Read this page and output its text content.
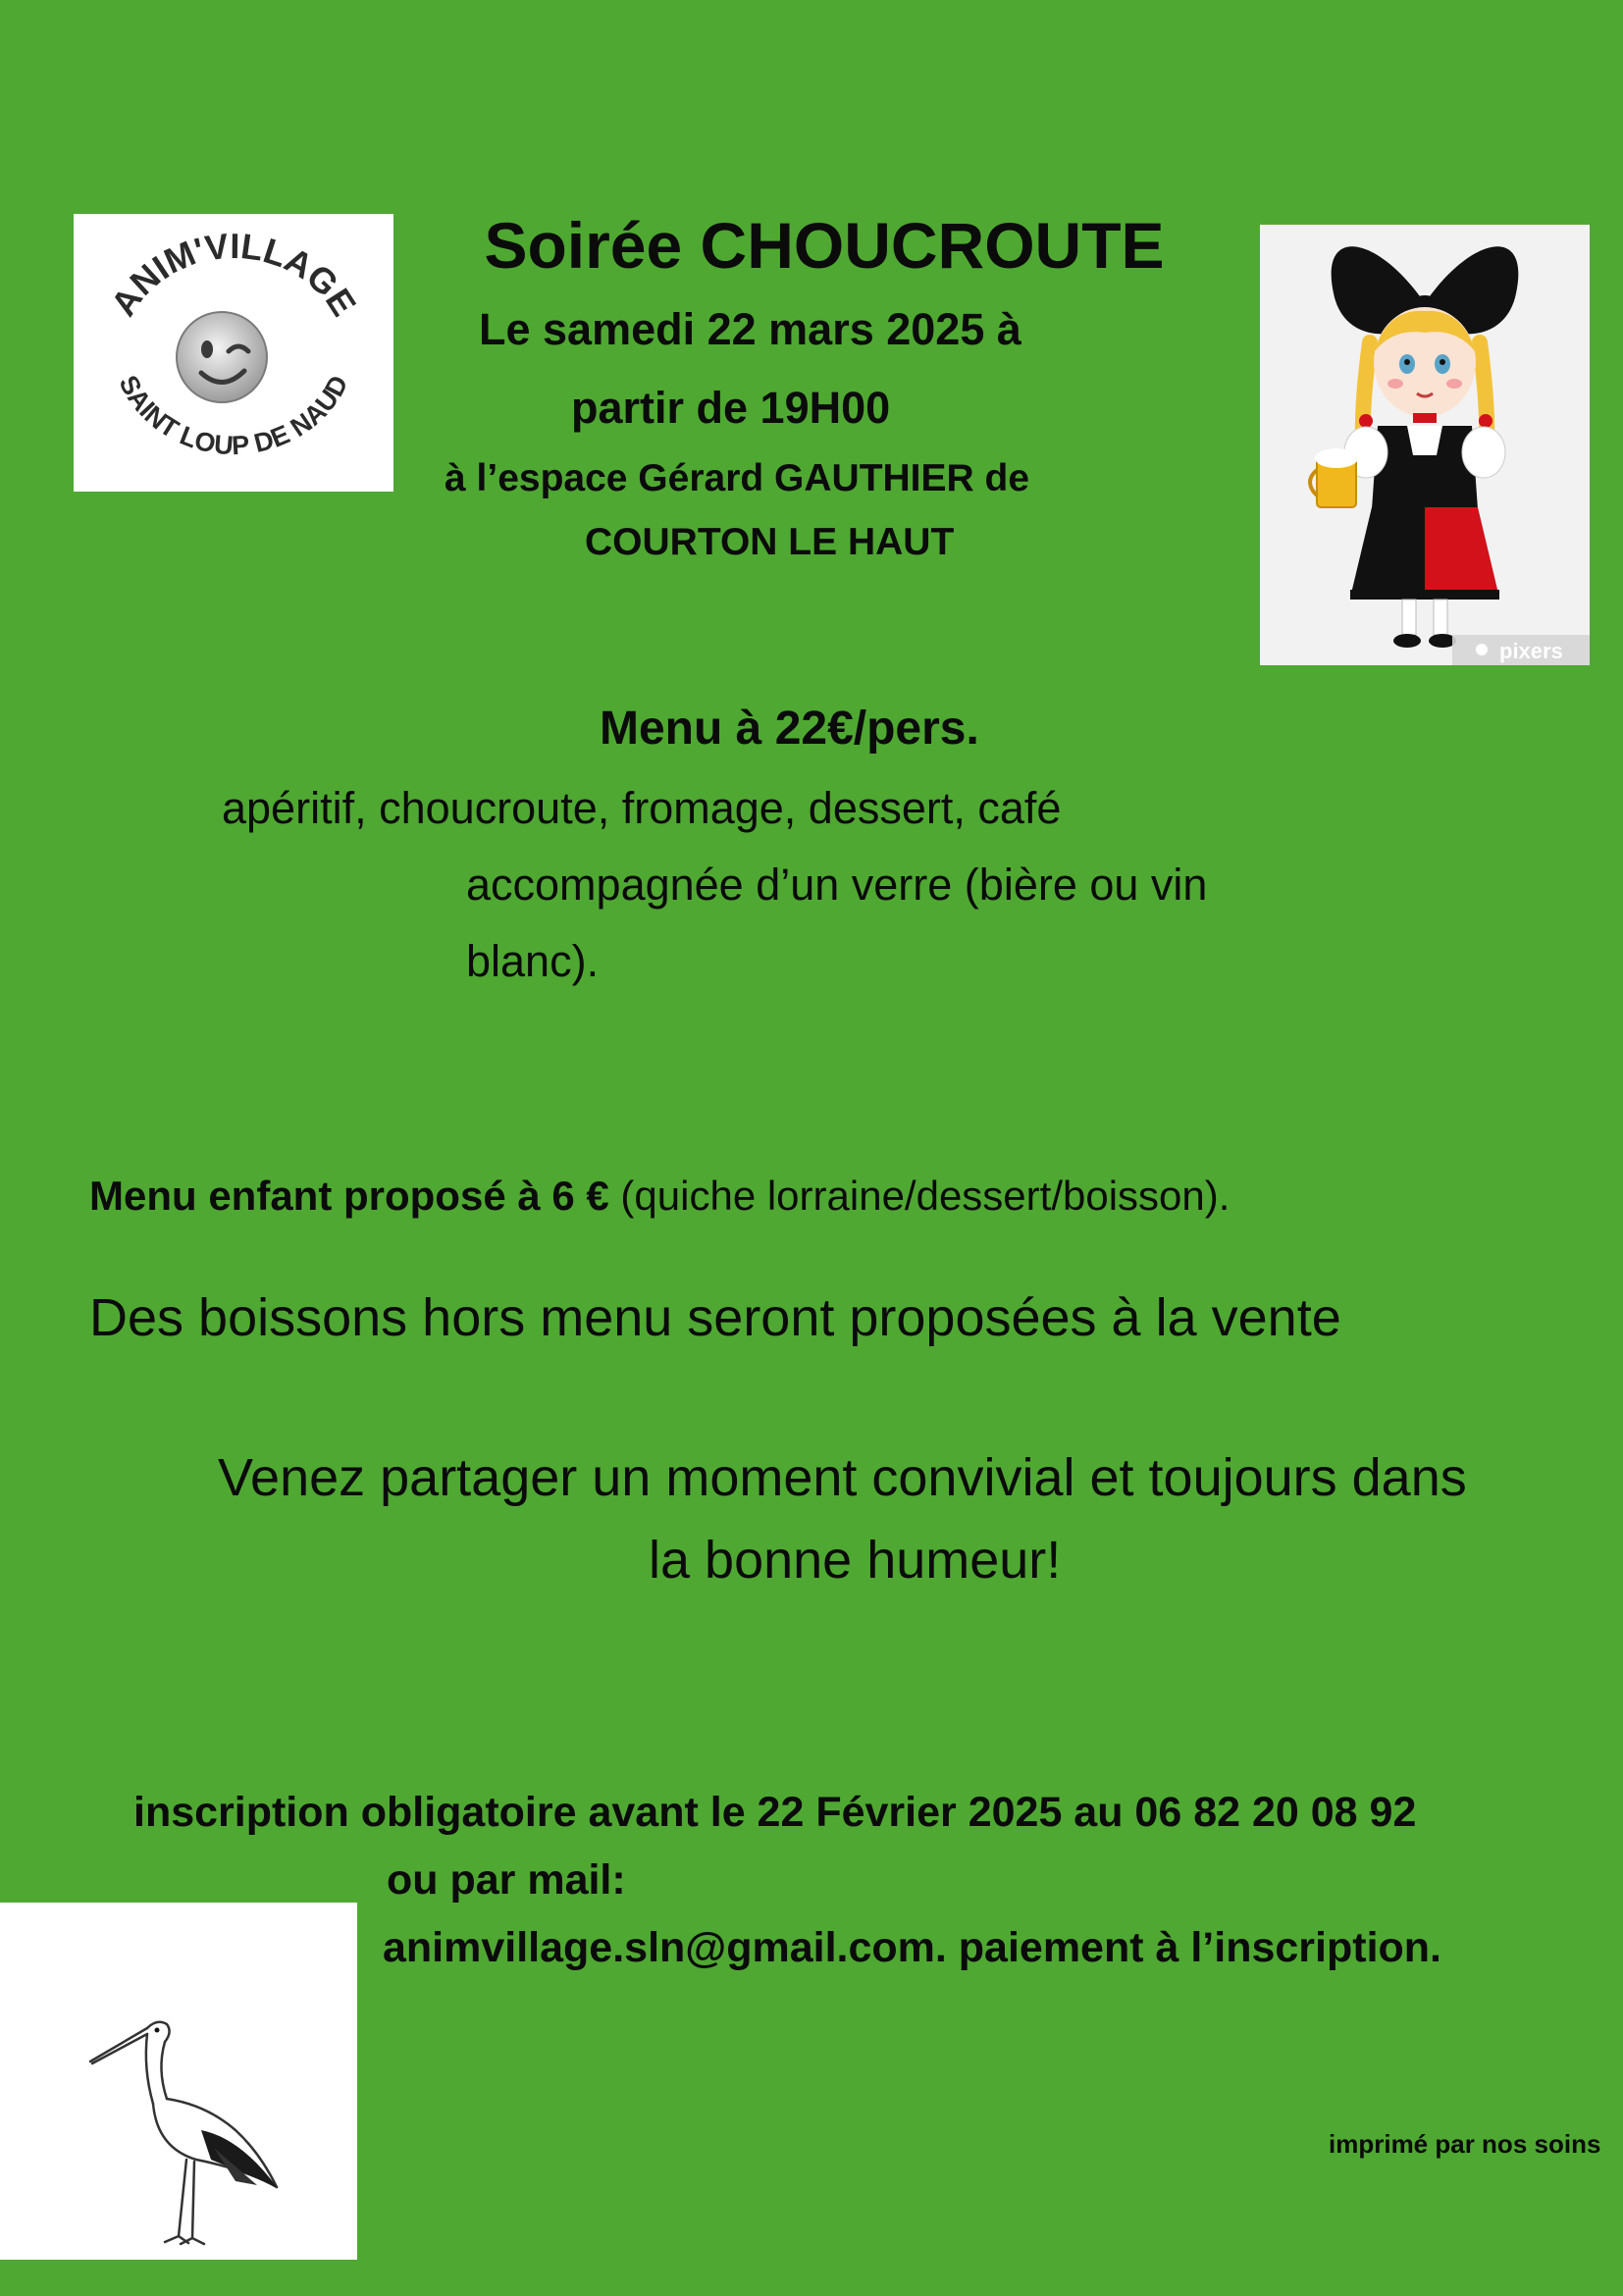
ANIM'VILLAGE
SAINT LOUP DE NAUD
Soirée CHOUCROUTE
Le samedi 22 mars 2025 à
partir de 19H00
à l’espace Gérard GAUTHIER de
COURTON LE HAUT
pixers
Menu à 22€/pers.
apéritif, choucroute, fromage, dessert, café
accompagnée d’un verre (bière ou vin
blanc).
Menu enfant proposé à 6 € (quiche lorraine/dessert/boisson).
Des boissons hors menu seront proposées à la vente
Venez partager un moment convivial et toujours dans
la bonne humeur!
inscription obligatoire avant le 22 Février 2025 au 06 82 20 08 92
ou par mail:
animvillage.sln@gmail.com. paiement à l’inscription.
imprimé par nos soins
